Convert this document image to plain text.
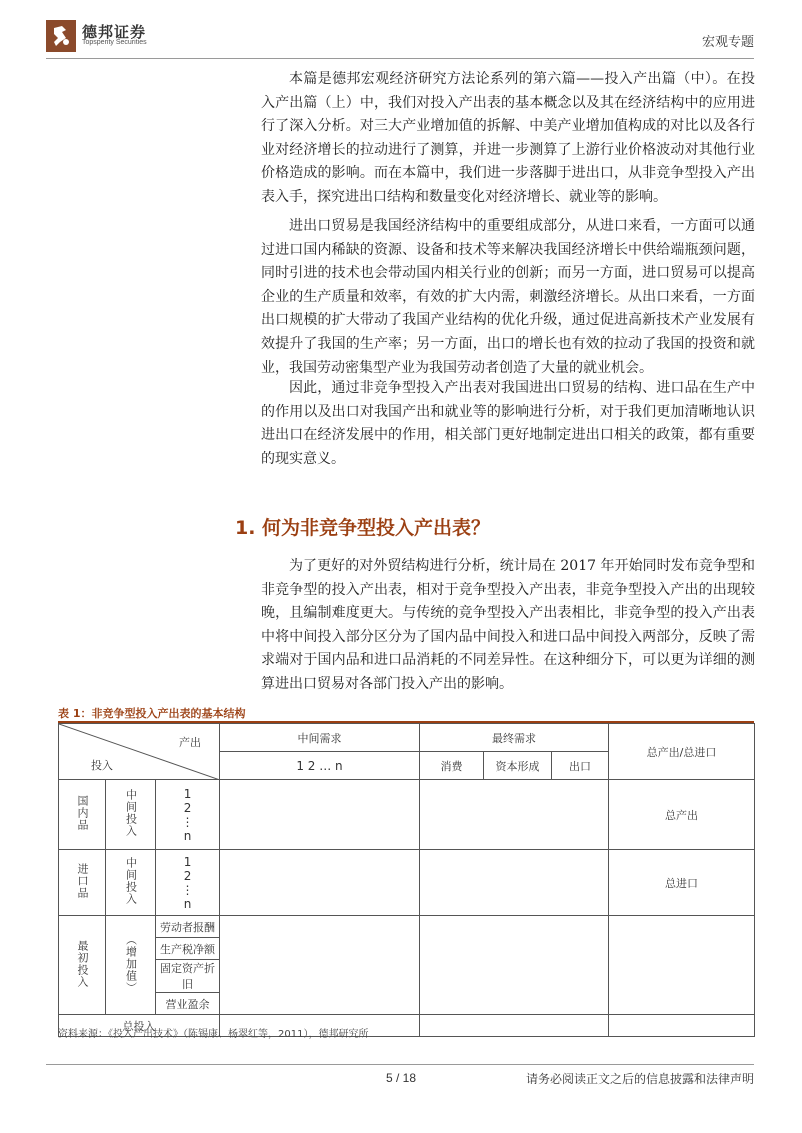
德邦证券
Topsperity Securities	宏观专题

本篇是德邦宏观经济研究方法论系列的第六篇——投入产出篇（中）。在投入产出篇（上）中，我们对投入产出表的基本概念以及其在经济结构中的应用进行了深入分析。对三大产业增加值的拆解、中美产业增加值构成的对比以及各行业对经济增长的拉动进行了测算，并进一步测算了上游行业价格波动对其他行业价格造成的影响。而在本篇中，我们进一步落脚于进出口，从非竞争型投入产出表入手，探究进出口结构和数量变化对经济增长、就业等的影响。

进出口贸易是我国经济结构中的重要组成部分，从进口来看，一方面可以通过进口国内稀缺的资源、设备和技术等来解决我国经济增长中供给端瓶颈问题，同时引进的技术也会带动国内相关行业的创新；而另一方面，进口贸易可以提高企业的生产质量和效率，有效的扩大内需，刺激经济增长。从出口来看，一方面出口规模的扩大带动了我国产业结构的优化升级，通过促进高新技术产业发展有效提升了我国的生产率；另一方面，出口的增长也有效的拉动了我国的投资和就业，我国劳动密集型产业为我国劳动者创造了大量的就业机会。

因此，通过非竞争型投入产出表对我国进出口贸易的结构、进口品在生产中的作用以及出口对我国产出和就业等的影响进行分析，对于我们更加清晰地认识进出口在经济发展中的作用，相关部门更好地制定进出口相关的政策，都有重要的现实意义。

1. 何为非竞争型投入产出表？

为了更好的对外贸结构进行分析，统计局在 2017 年开始同时发布竞争型和非竞争型的投入产出表，相对于竞争型投入产出表，非竞争型投入产出的出现较晚，且编制难度更大。与传统的竞争型投入产出表相比，非竞争型的投入产出表中将中间投入部分区分为了国内品中间投入和进口品中间投入两部分，反映了需求端对于国内品和进口品消耗的不同差异性。在这种细分下，可以更为详细的测算进出口贸易对各部门投入产出的影响。

表 1：非竞争型投入产出表的基本结构
产出
投入			中间需求	最终需求			总产出/总进口
			1 2 … n	消费	资本形成	出口	
国内品	中间投入	1
2
⋮
n					总产出
进口品	中间投入	1
2
⋮
n					总进口
最初投入	（增加值）	劳动者报酬					
		生产税净额					
		固定资产折旧					
		营业盈余					
总投入							
资料来源：《投入产出技术》（陈锡康、杨翠红等，2011），德邦研究所
5 / 18	请务必阅读正文之后的信息披露和法律声明
